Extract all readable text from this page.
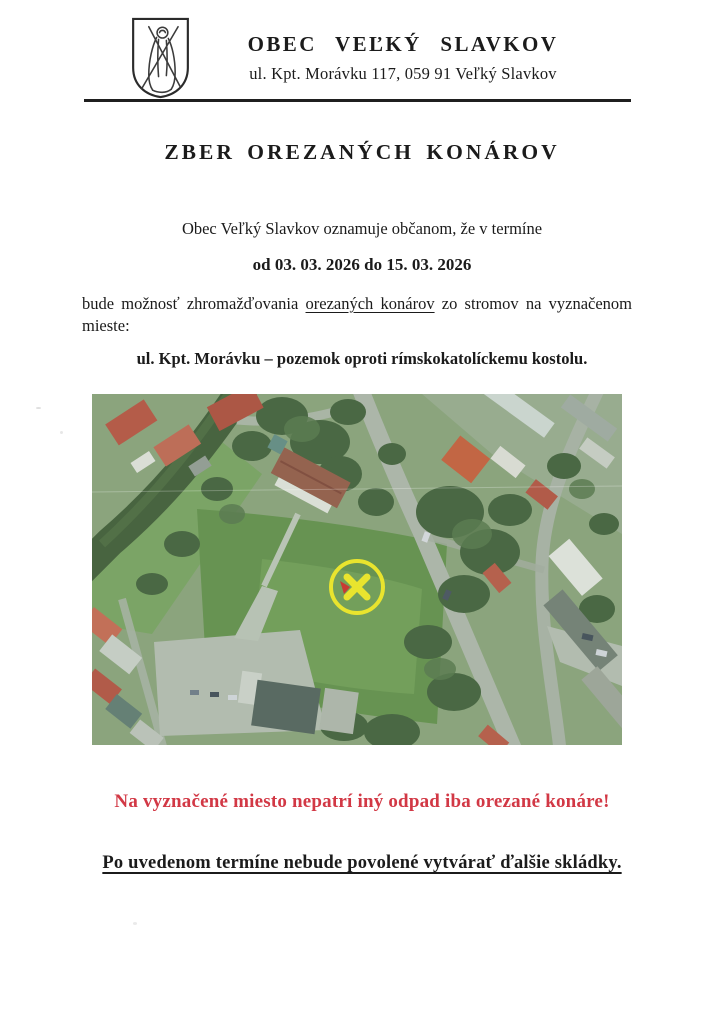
OBEC VEĽKÝ SLAVKOV
ul. Kpt. Morávku 117, 059 91 Veľký Slavkov
ZBER OREZANÝCH KONÁROV

Obec Veľký Slavkov oznamuje občanom, že v termíne

od 03. 03. 2026 do 15. 03. 2026

bude možnosť zhromažďovania orezaných konárov zo stromov na vyznačenom
mieste:

ul. Kpt. Morávku – pozemok oproti rímskokatolíckemu kostolu.

Na vyznačené miesto nepatrí iný odpad iba orezané konáre!

Po uvedenom termíne nebude povolené vytvárať ďalšie skládky.
